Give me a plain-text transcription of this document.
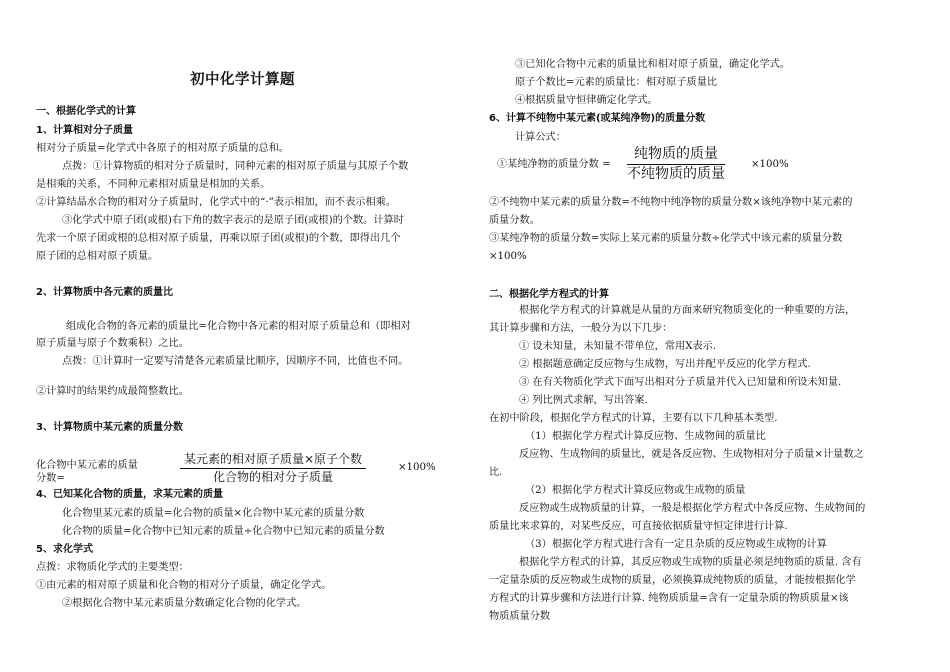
初中化学计算题
一、根据化学式的计算
1、计算相对分子质量
相对分子质量=化学式中各原子的相对原子质量的总和。
点拨：①计算物质的相对分子质量时，同种元素的相对原子质量与其原子个数
是相乘的关系，不同种元素相对质量是相加的关系。
②计算结晶水合物的相对分子质量时，化学式中的“·”表示相加，而不表示相乘。
③化学式中原子团(或根)右下角的数字表示的是原子团(或根)的个数。计算时
先求一个原子团或根的总相对原子质量，再乘以原子团(或根)的个数，即得出几个
原子团的总相对原子质量。
2、计算物质中各元素的质量比
组成化合物的各元素的质量比=化合物中各元素的相对原子质量总和（即相对
原子质量与原子个数乘积）之比。
点拨：①计算时一定要写清楚各元素质量比顺序，因顺序不同，比值也不同。
②计算时的结果约成最简整数比。
3、计算物质中某元素的质量分数
化合物中某元素的质量
分数=
某元素的相对原子质量×原子个数
化合物的相对分子质量
×100%
4、已知某化合物的质量，求某元素的质量
化合物里某元素的质量=化合物的质量×化合物中某元素的质量分数
化合物的质量=化合物中已知元素的质量÷化合物中已知元素的质量分数
5、求化学式
点拨：求物质化学式的主要类型：
①由元素的相对原子质量和化合物的相对分子质量，确定化学式。
②根据化合物中某元素质量分数确定化合物的化学式。
③已知化合物中元素的质量比和相对原子质量，确定化学式。
原子个数比=元素的质量比：相对原子质量比
④根据质量守恒律确定化学式。
6、计算不纯物中某元素(或某纯净物)的质量分数
计算公式：
①某纯净物的质量分数 =
纯物质的质量
不纯物质的质量
×100%
②不纯物中某元素的质量分数=不纯物中纯净物的质量分数×该纯净物中某元素的
质量分数。
③某纯净物的质量分数=实际上某元素的质量分数÷化学式中该元素的质量分数
×100%
二、根据化学方程式的计算
根据化学方程式的计算就是从量的方面来研究物质变化的一种重要的方法，
其计算步骤和方法，一般分为以下几步：
① 设未知量，未知量不带单位，常用X表示.
② 根据题意确定反应物与生成物，写出并配平反应的化学方程式.
③ 在有关物质化学式下面写出相对分子质量并代入已知量和所设未知量.
④ 列比例式求解，写出答案.
在初中阶段，根据化学方程式的计算，主要有以下几种基本类型.
（1）根据化学方程式计算反应物、生成物间的质量比
反应物、生成物间的质量比，就是各反应物、生成物相对分子质量×计量数之
比.
（2）根据化学方程式计算反应物或生成物的质量
反应物或生成物质量的计算，一般是根据化学方程式中各反应物、生成物间的
质量比来求算的，对某些反应，可直接依据质量守恒定律进行计算.
（3）根据化学方程式进行含有一定且杂质的反应物或生成物的计算
根据化学方程式的计算，其反应物或生成物的质量必须是纯物质的质量. 含有
一定量杂质的反应物或生成物的质量，必须换算成纯物质的质量，才能按根据化学
方程式的计算步骤和方法进行计算. 纯物质质量=含有一定量杂质的物质质量×该
物质质量分数
